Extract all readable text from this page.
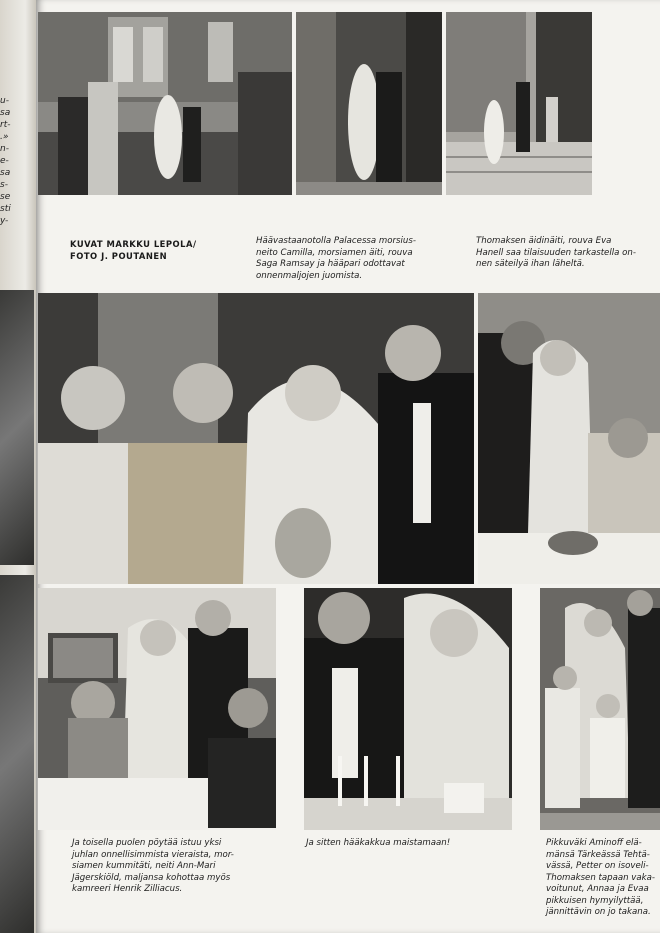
u-
sa
rt-
.»
n-
e-
sa
s-
se
sti
y-
KUVAT MARKKU LEPOLA/
FOTO J. POUTANEN
Häävastaanotolla Palacessa morsius-
neito Camilla, morsiamen äiti, rouva
Saga Ramsay ja hääpari odottavat
onnenmaljojen juomista.
Thomaksen äidinäiti, rouva Eva
Hanell saa tilaisuuden tarkastella on-
nen säteilyä ihan läheltä.
Ja toisella puolen pöytää istuu yksi
juhlan onnellisimmista vieraista, mor-
siamen kummitäti, neiti Ann-Mari
Jägerskiöld, maljansa kohottaa myös
kamreeri Henrik Zilliacus.
Ja sitten hääkakkua maistamaan!	Pikkuväki Aminoff elä-
mänsä Tärkeässä Tehtä-
vässä, Petter on isoveli-
Thomaksen tapaan vaka-
voitunut, Annaa ja Evaa
pikkuisen hymyilyttää,
jännittävin on jo takana.
